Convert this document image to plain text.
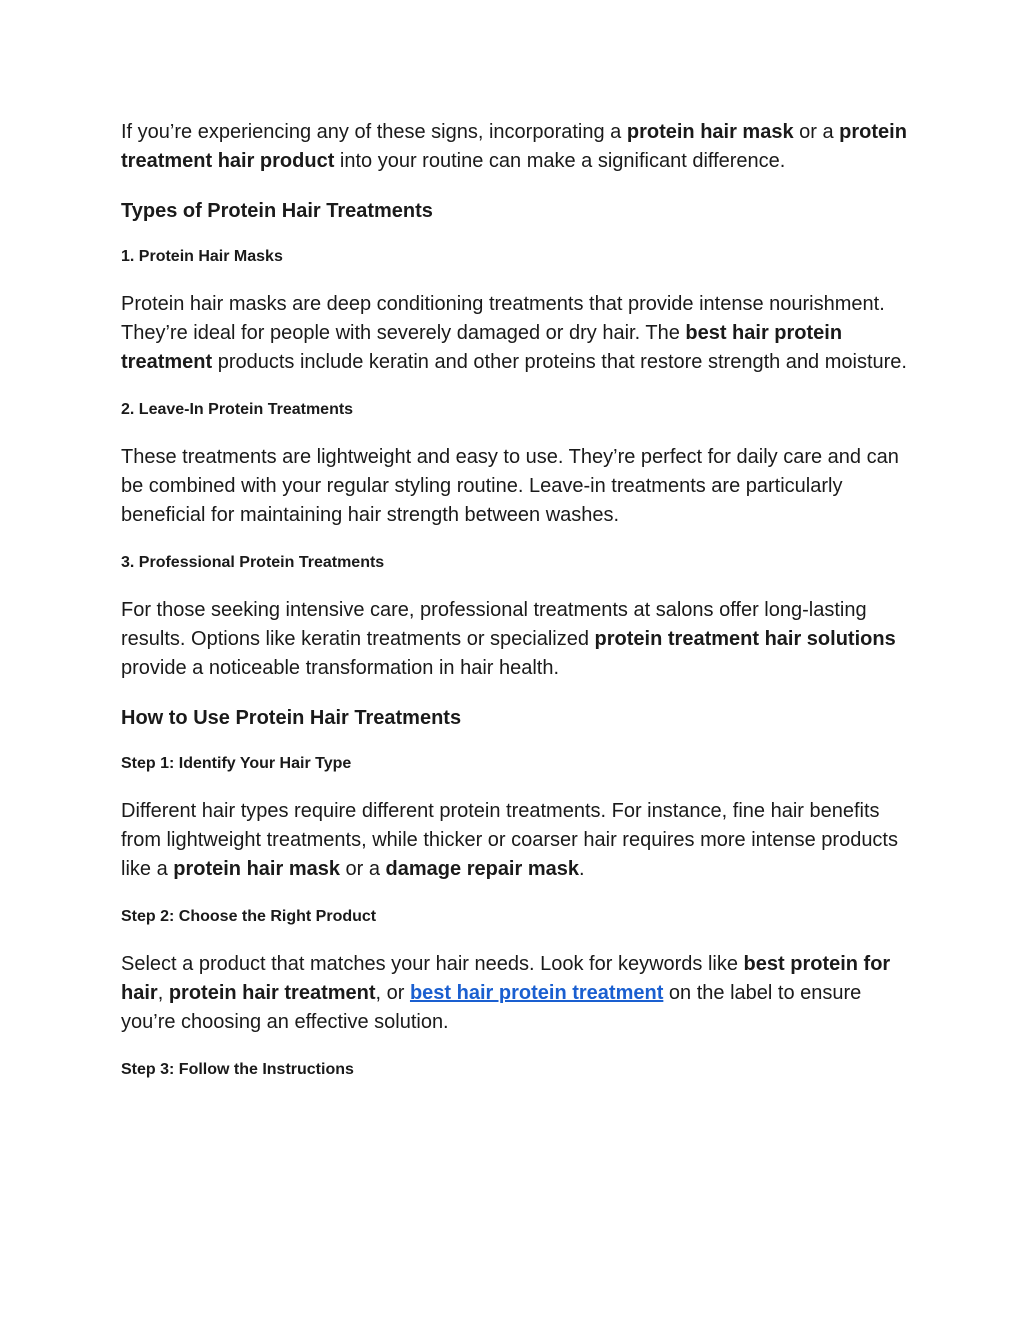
If you’re experiencing any of these signs, incorporating a protein hair mask or a protein treatment hair product into your routine can make a significant difference.

Types of Protein Hair Treatments
1. Protein Hair Masks

Protein hair masks are deep conditioning treatments that provide intense nourishment. They’re ideal for people with severely damaged or dry hair. The best hair protein treatment products include keratin and other proteins that restore strength and moisture.

2. Leave-In Protein Treatments

These treatments are lightweight and easy to use. They’re perfect for daily care and can be combined with your regular styling routine. Leave-in treatments are particularly beneficial for maintaining hair strength between washes.

3. Professional Protein Treatments

For those seeking intensive care, professional treatments at salons offer long-lasting results. Options like keratin treatments or specialized protein treatment hair solutions provide a noticeable transformation in hair health.

How to Use Protein Hair Treatments
Step 1: Identify Your Hair Type

Different hair types require different protein treatments. For instance, fine hair benefits from lightweight treatments, while thicker or coarser hair requires more intense products like a protein hair mask or a damage repair mask.

Step 2: Choose the Right Product

Select a product that matches your hair needs. Look for keywords like best protein for hair, protein hair treatment, or best hair protein treatment on the label to ensure you’re choosing an effective solution.

Step 3: Follow the Instructions
